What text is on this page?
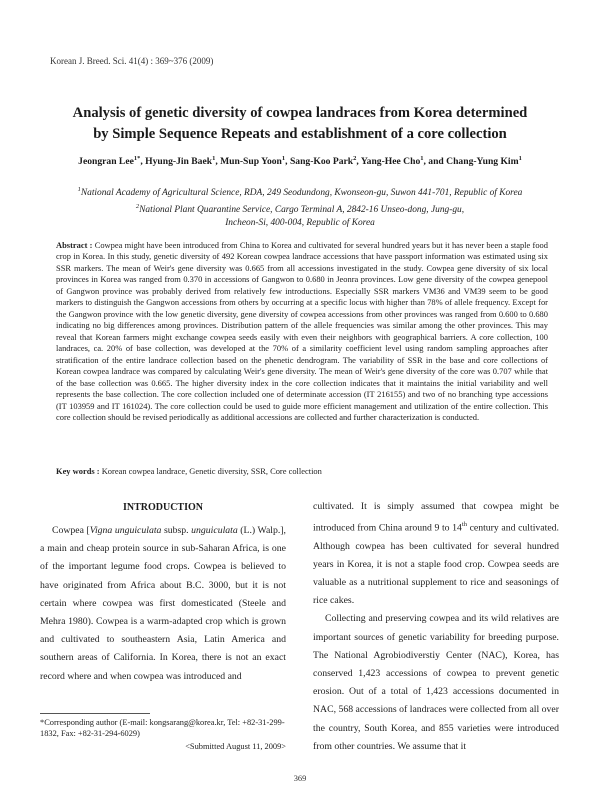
Korean J. Breed. Sci. 41(4) : 369~376 (2009)
Analysis of genetic diversity of cowpea landraces from Korea determined
by Simple Sequence Repeats and establishment of a core collection
Jeongran Lee$^{1*}$, Hyung-Jin Baek$^1$, Mun-Sup Yoon$^1$, Sang-Koo Park$^2$, Yang-Hee Cho$^1$, and Chang-Yung Kim$^1$
$^1$National Academy of Agricultural Science, RDA, 249 Seodundong, Kwonseon-gu, Suwon 441-701, Republic of Korea
$^2$National Plant Quarantine Service, Cargo Terminal A, 2842-16 Unseo-dong, Jung-gu,
Incheon-Si, 400-004, Republic of Korea
Abstract : Cowpea might have been introduced from China to Korea and cultivated for several hundred years but it has never been a staple food crop in Korea. In this study, genetic diversity of 492 Korean cowpea landrace accessions that have passport information was estimated using six SSR markers. The mean of Weir's gene diversity was 0.665 from all accessions investigated in the study. Cowpea gene diversity of six local provinces in Korea was ranged from 0.370 in accessions of Gangwon to 0.680 in Jeonra provinces. Low gene diversity of the cowpea genepool of Gangwon province was probably derived from relatively few introductions. Especially SSR markers VM36 and VM39 seem to be good markers to distinguish the Gangwon accessions from others by occurring at a specific locus with higher than 78% of allele frequency. Except for the Gangwon province with the low genetic diversity, gene diversity of cowpea accessions from other provinces was ranged from 0.600 to 0.680 indicating no big differences among provinces. Distribution pattern of the allele frequencies was similar among the other provinces. This may reveal that Korean farmers might exchange cowpea seeds easily with even their neighbors with geographical barriers. A core collection, 100 landraces, ca. 20% of base collection, was developed at the 70% of a similarity coefficient level using random sampling approaches after stratification of the entire landrace collection based on the phenetic dendrogram. The variability of SSR in the base and core collections of Korean cowpea landrace was compared by calculating Weir's gene diversity. The mean of Weir's gene diversity of the core was 0.707 while that of the base collection was 0.665. The higher diversity index in the core collection indicates that it maintains the initial variability and well represents the base collection. The core collection included one of determinate accession (IT 216155) and two of no branching type accessions (IT 103959 and IT 161024). The core collection could be used to guide more efficient management and utilization of the entire collection. This core collection should be revised periodically as additional accessions are collected and further characterization is conducted.
Key words : Korean cowpea landrace, Genetic diversity, SSR, Core collection
INTRODUCTION

Cowpea [Vigna unguiculata subsp. unguiculata (L.) Walp.], a main and cheap protein source in sub-Saharan Africa, is one of the important legume food crops. Cowpea is believed to have originated from Africa about B.C. 3000, but it is not certain where cowpea was first domesticated (Steele and Mehra 1980). Cowpea is a warm-adapted crop which is grown and cultivated to southeastern Asia, Latin America and southern areas of California. In Korea, there is not an exact record where and when cowpea was introduced and

cultivated. It is simply assumed that cowpea might be introduced from China around 9 to 14th century and cultivated. Although cowpea has been cultivated for several hundred years in Korea, it is not a staple food crop. Cowpea seeds are valuable as a nutritional supplement to rice and seasonings of rice cakes.

Collecting and preserving cowpea and its wild relatives are important sources of genetic variability for breeding purpose. The National Agrobiodiverstiy Center (NAC), Korea, has conserved 1,423 accessions of cowpea to prevent genetic erosion. Out of a total of 1,423 accessions documented in NAC, 568 accessions of landraces were collected from all over the country, South Korea, and 855 varieties were introduced from other countries. We assume that it

*Corresponding author (E-mail: kongsarang@korea.kr, Tel: +82-31-299-1832, Fax: +82-31-294-6029)
<Submitted August 11, 2009>
369
